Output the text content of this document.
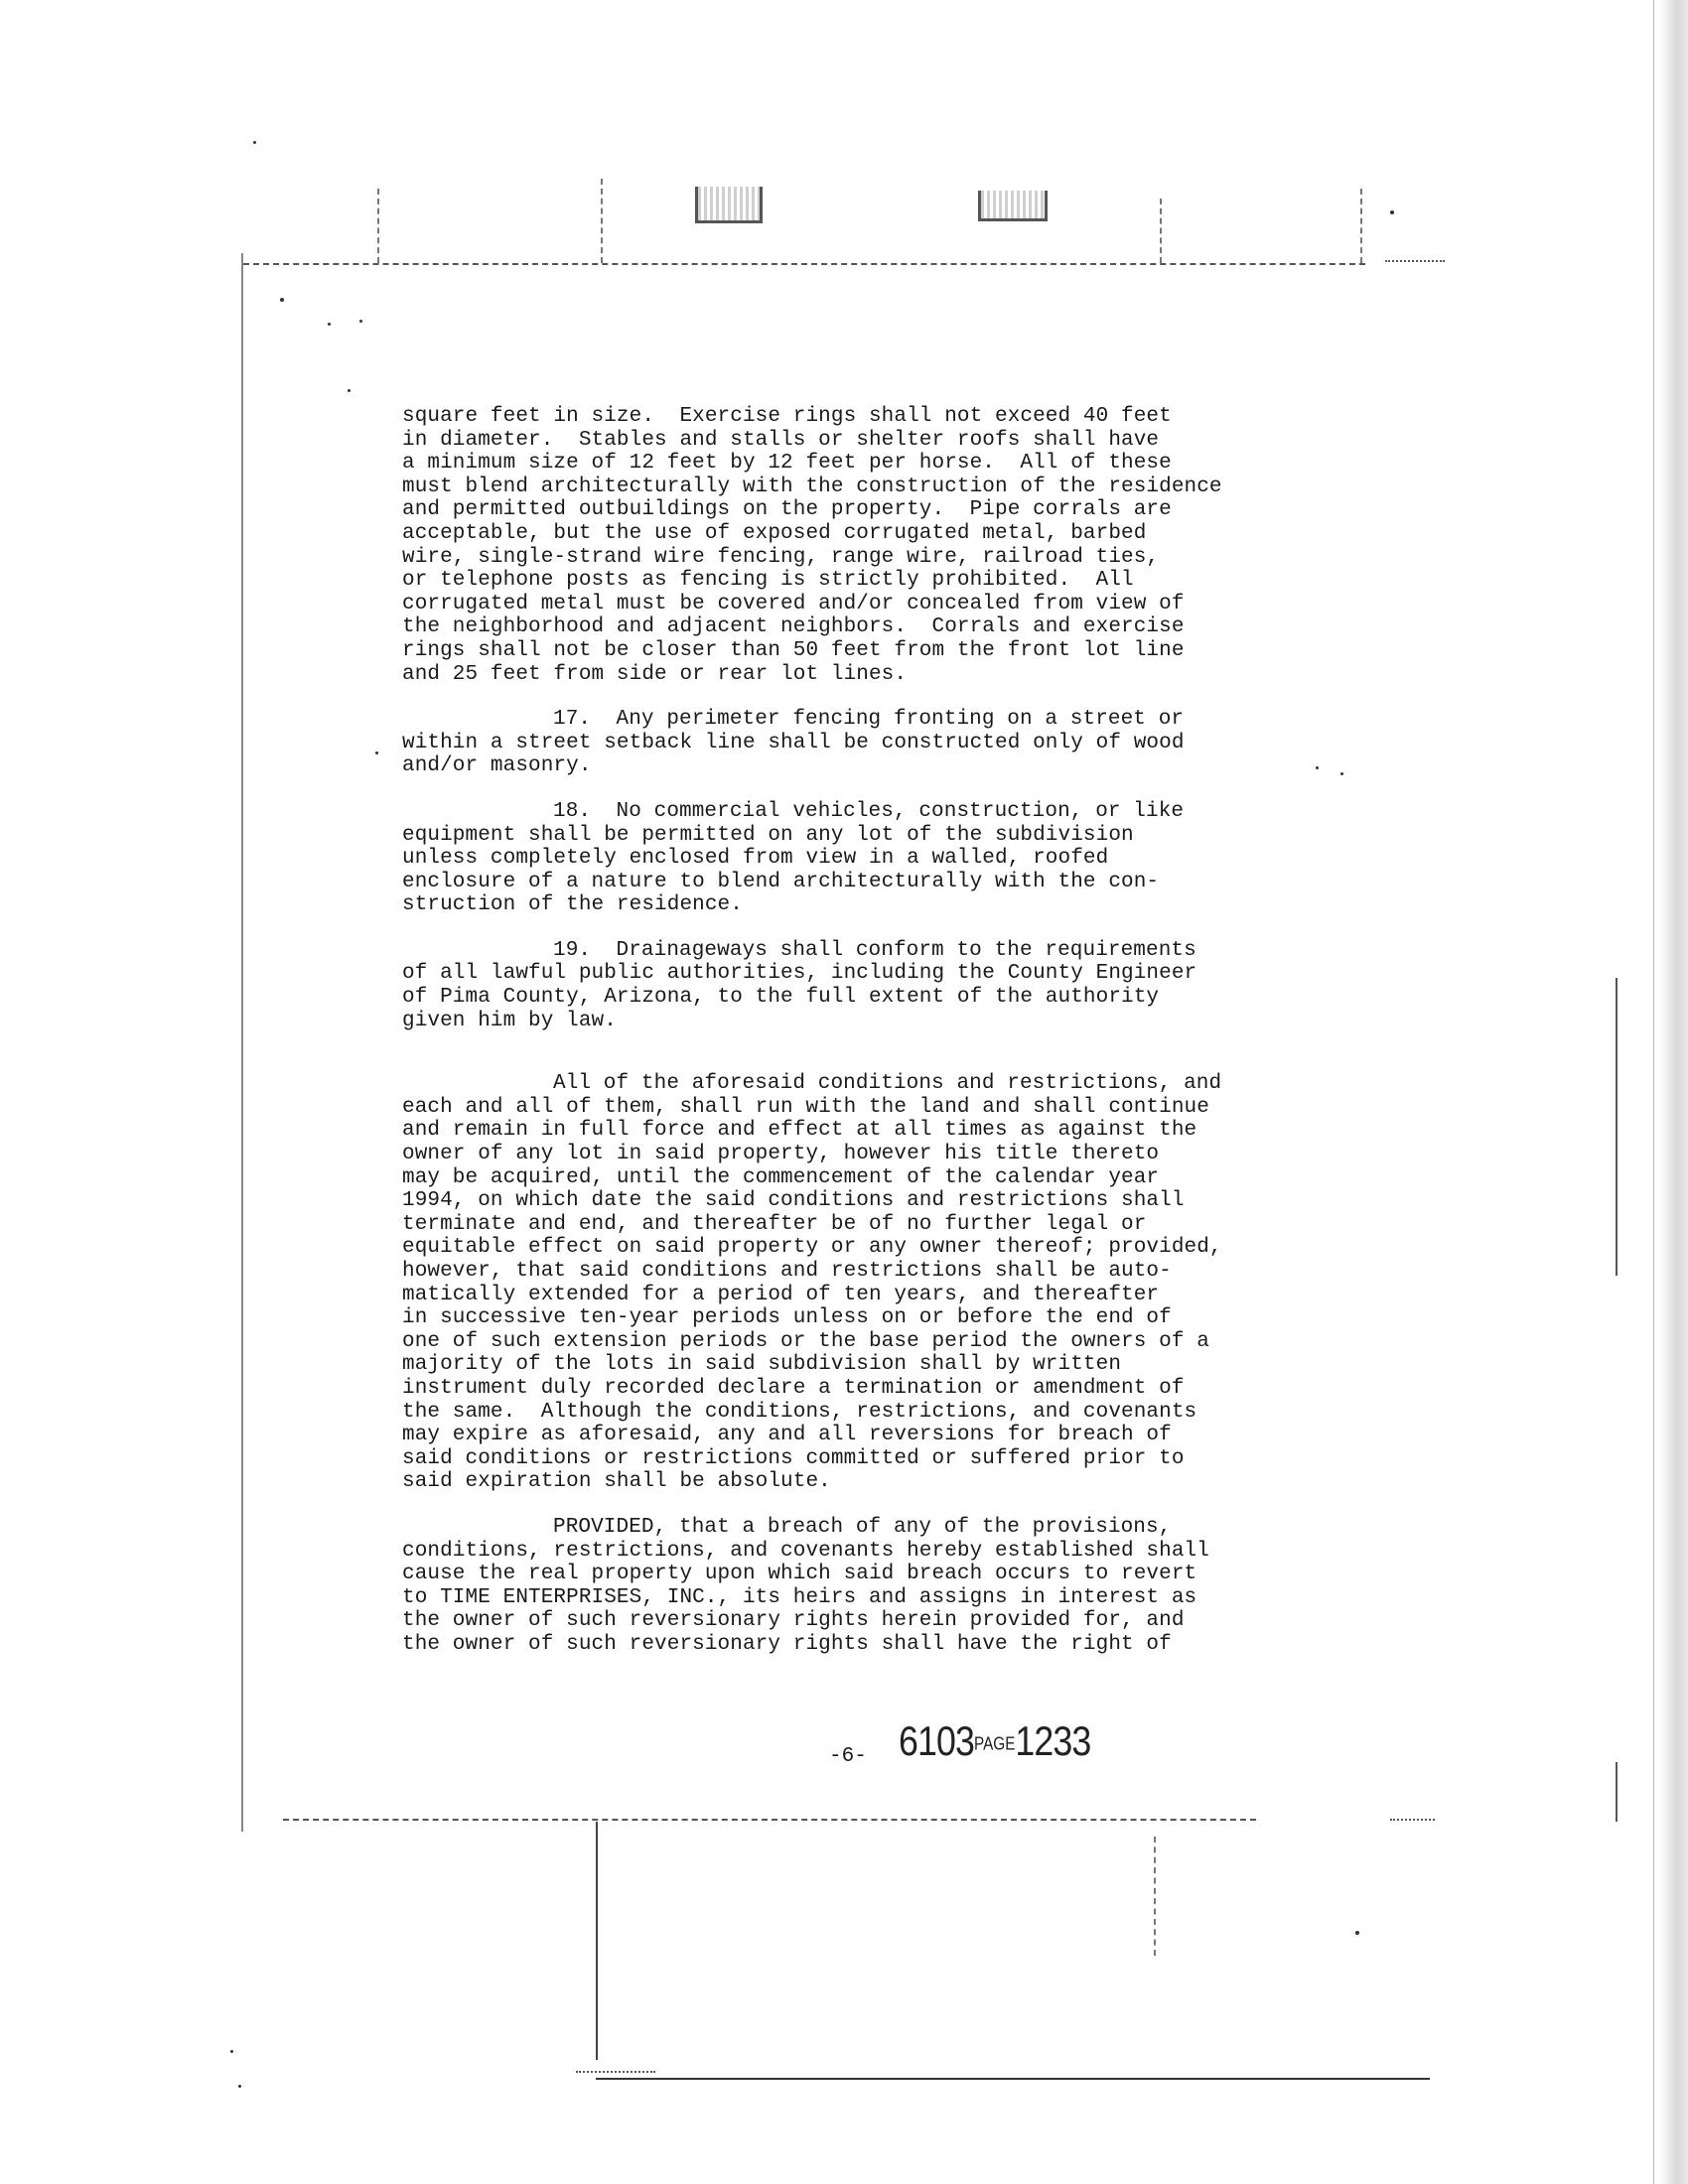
square feet in size.  Exercise rings shall not exceed 40 feet
in diameter.  Stables and stalls or shelter roofs shall have
a minimum size of 12 feet by 12 feet per horse.  All of these
must blend architecturally with the construction of the residence
and permitted outbuildings on the property.  Pipe corrals are
acceptable, but the use of exposed corrugated metal, barbed
wire, single-strand wire fencing, range wire, railroad ties,
or telephone posts as fencing is strictly prohibited.  All
corrugated metal must be covered and/or concealed from view of
the neighborhood and adjacent neighbors.  Corrals and exercise
rings shall not be closer than 50 feet from the front lot line
and 25 feet from side or rear lot lines.
17.  Any perimeter fencing fronting on a street or
within a street setback line shall be constructed only of wood
and/or masonry.
18.  No commercial vehicles, construction, or like
equipment shall be permitted on any lot of the subdivision
unless completely enclosed from view in a walled, roofed
enclosure of a nature to blend architecturally with the con-
struction of the residence.
19.  Drainageways shall conform to the requirements
of all lawful public authorities, including the County Engineer
of Pima County, Arizona, to the full extent of the authority
given him by law.
All of the aforesaid conditions and restrictions, and
each and all of them, shall run with the land and shall continue
and remain in full force and effect at all times as against the
owner of any lot in said property, however his title thereto
may be acquired, until the commencement of the calendar year
1994, on which date the said conditions and restrictions shall
terminate and end, and thereafter be of no further legal or
equitable effect on said property or any owner thereof; provided,
however, that said conditions and restrictions shall be auto-
matically extended for a period of ten years, and thereafter
in successive ten-year periods unless on or before the end of
one of such extension periods or the base period the owners of a
majority of the lots in said subdivision shall by written
instrument duly recorded declare a termination or amendment of
the same.  Although the conditions, restrictions, and covenants
may expire as aforesaid, any and all reversions for breach of
said conditions or restrictions committed or suffered prior to
said expiration shall be absolute.
PROVIDED, that a breach of any of the provisions,
conditions, restrictions, and covenants hereby established shall
cause the real property upon which said breach occurs to revert
to TIME ENTERPRISES, INC., its heirs and assigns in interest as
the owner of such reversionary rights herein provided for, and
the owner of such reversionary rights shall have the right of
-6- 6103PAGE1233
